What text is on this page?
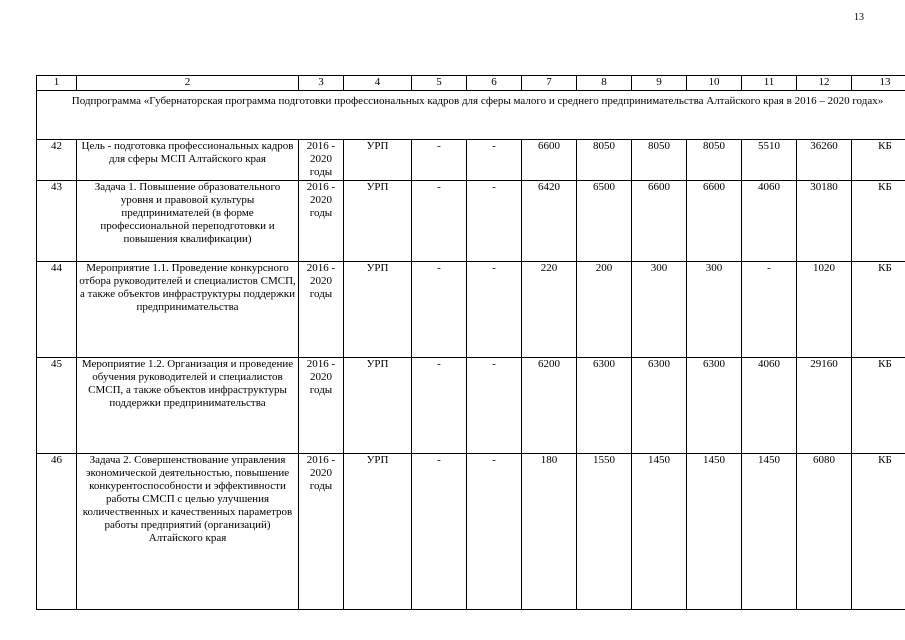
13
1	2	3	4	5	6	7	8	9	10	11	12	13
Подпрограмма «Губернаторская программа подготовки профессиональных кадров для сферы малого и среднего предпринимательства Алтайского края в 2016 – 2020 годах»												
42	Цель - подготовка профессиональных кадров для сферы МСП Алтайского края	2016 - 2020 годы	УРП	-	-	6600	8050	8050	8050	5510	36260	КБ
43	Задача 1. Повышение образовательного уровня и правовой культуры предпринимателей (в форме профессиональной переподготовки и повышения квалификации)	2016 - 2020 годы	УРП	-	-	6420	6500	6600	6600	4060	30180	КБ
44	Мероприятие 1.1. Проведение конкурсного отбора руководителей и специалистов СМСП, а также объектов инфраструктуры поддержки предпринимательства	2016 - 2020 годы	УРП	-	-	220	200	300	300	-	1020	КБ
45	Мероприятие 1.2. Организация и проведение обучения руководителей и специалистов СМСП, а также объектов инфраструктуры поддержки предпринимательства	2016 - 2020 годы	УРП	-	-	6200	6300	6300	6300	4060	29160	КБ
46	Задача 2. Совершенствование управления экономической деятельностью, повышение конкурентоспособности и эффективности работы СМСП с целью улучшения количественных и качественных параметров работы предприятий (организаций) Алтайского края	2016 - 2020 годы	УРП	-	-	180	1550	1450	1450	1450	6080	КБ
